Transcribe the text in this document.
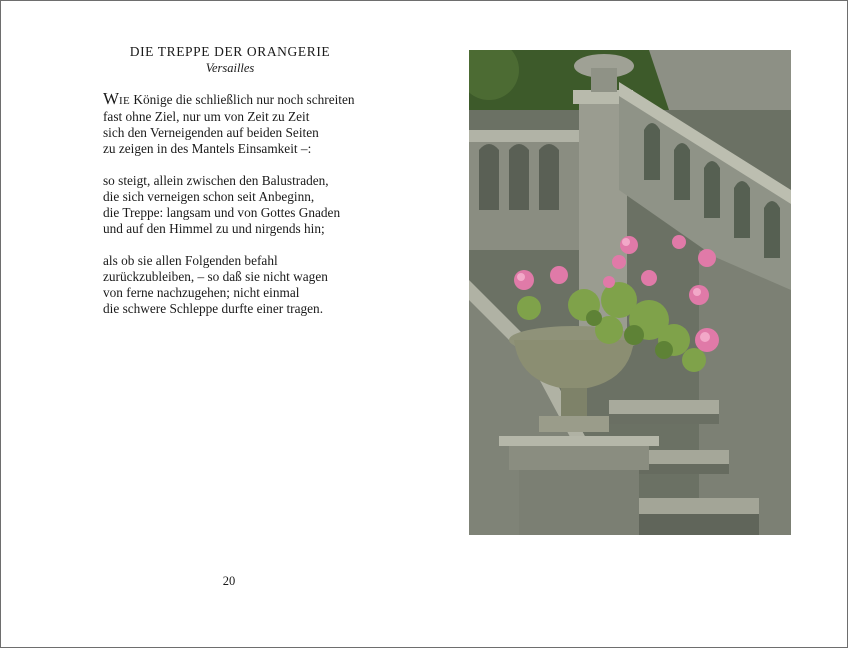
DIE TREPPE DER ORANGERIE
Versailles
WIE Könige die schließlich nur noch schreiten
fast ohne Ziel, nur um von Zeit zu Zeit
sich den Verneigenden auf beiden Seiten
zu zeigen in des Mantels Einsamkeit –:
so steigt, allein zwischen den Balustraden,
die sich verneigen schon seit Anbeginn,
die Treppe: langsam und von Gottes Gnaden
und auf den Himmel zu und nirgends hin;
als ob sie allen Folgenden befahl
zurückzubleiben, – so daß sie nicht wagen
von ferne nachzugehen; nicht einmal
die schwere Schleppe durfte einer tragen.
20
